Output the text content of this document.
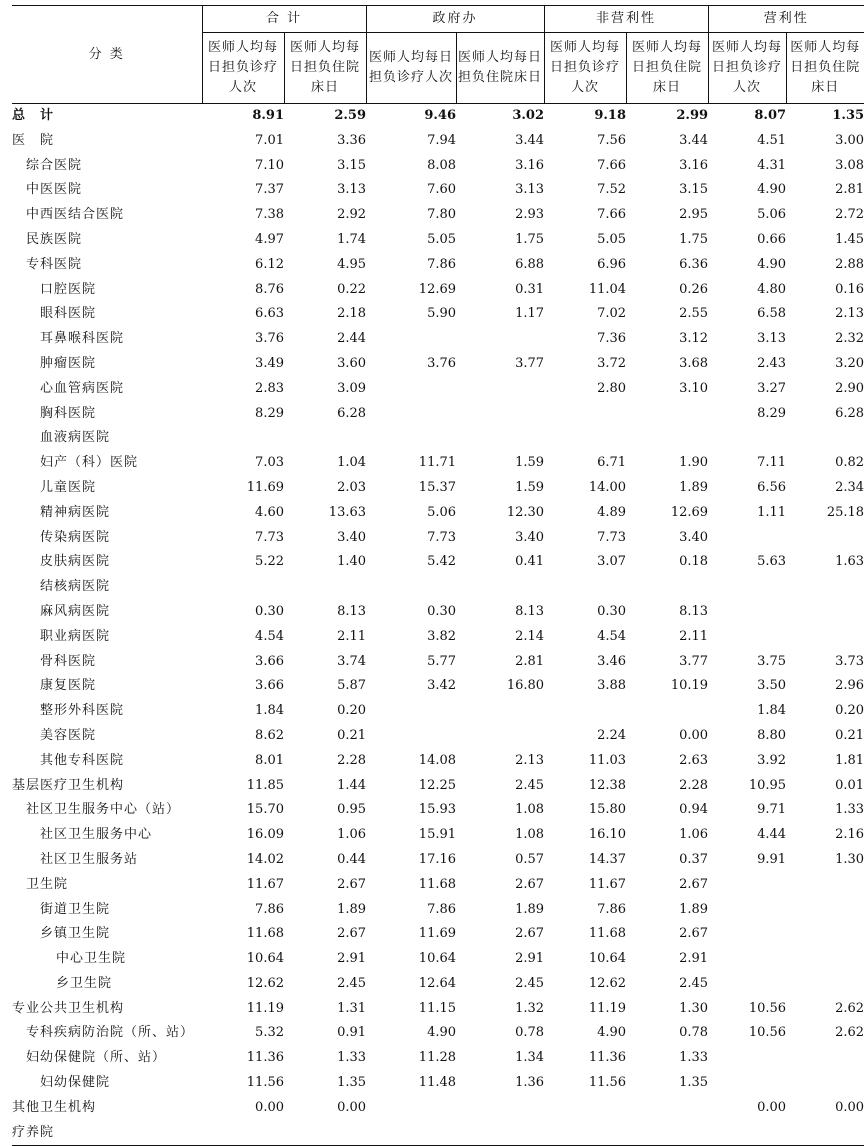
分 类	合 计		政府办		非营利性		营利性	
	医师人均每日担负诊疗人次	医师人均每日担负住院床日	医师人均每日担负诊疗人次	医师人均每日担负住院床日	医师人均每日担负诊疗人次	医师人均每日担负住院床日	医师人均每日担负诊疗人次	医师人均每日担负住院床日
总　计	8.91	2.59	9.46	3.02	9.18	2.99	8.07	1.35
医　院	7.01	3.36	7.94	3.44	7.56	3.44	4.51	3.00
综合医院	7.10	3.15	8.08	3.16	7.66	3.16	4.31	3.08
中医医院	7.37	3.13	7.60	3.13	7.52	3.15	4.90	2.81
中西医结合医院	7.38	2.92	7.80	2.93	7.66	2.95	5.06	2.72
民族医院	4.97	1.74	5.05	1.75	5.05	1.75	0.66	1.45
专科医院	6.12	4.95	7.86	6.88	6.96	6.36	4.90	2.88
口腔医院	8.76	0.22	12.69	0.31	11.04	0.26	4.80	0.16
眼科医院	6.63	2.18	5.90	1.17	7.02	2.55	6.58	2.13
耳鼻喉科医院	3.76	2.44			7.36	3.12	3.13	2.32
肿瘤医院	3.49	3.60	3.76	3.77	3.72	3.68	2.43	3.20
心血管病医院	2.83	3.09			2.80	3.10	3.27	2.90
胸科医院	8.29	6.28					8.29	6.28
血液病医院								
妇产（科）医院	7.03	1.04	11.71	1.59	6.71	1.90	7.11	0.82
儿童医院	11.69	2.03	15.37	1.59	14.00	1.89	6.56	2.34
精神病医院	4.60	13.63	5.06	12.30	4.89	12.69	1.11	25.18
传染病医院	7.73	3.40	7.73	3.40	7.73	3.40		
皮肤病医院	5.22	1.40	5.42	0.41	3.07	0.18	5.63	1.63
结核病医院								
麻风病医院	0.30	8.13	0.30	8.13	0.30	8.13		
职业病医院	4.54	2.11	3.82	2.14	4.54	2.11		
骨科医院	3.66	3.74	5.77	2.81	3.46	3.77	3.75	3.73
康复医院	3.66	5.87	3.42	16.80	3.88	10.19	3.50	2.96
整形外科医院	1.84	0.20					1.84	0.20
美容医院	8.62	0.21			2.24	0.00	8.80	0.21
其他专科医院	8.01	2.28	14.08	2.13	11.03	2.63	3.92	1.81
基层医疗卫生机构	11.85	1.44	12.25	2.45	12.38	2.28	10.95	0.01
社区卫生服务中心（站）	15.70	0.95	15.93	1.08	15.80	0.94	9.71	1.33
社区卫生服务中心	16.09	1.06	15.91	1.08	16.10	1.06	4.44	2.16
社区卫生服务站	14.02	0.44	17.16	0.57	14.37	0.37	9.91	1.30
卫生院	11.67	2.67	11.68	2.67	11.67	2.67		
街道卫生院	7.86	1.89	7.86	1.89	7.86	1.89		
乡镇卫生院	11.68	2.67	11.69	2.67	11.68	2.67		
中心卫生院	10.64	2.91	10.64	2.91	10.64	2.91		
乡卫生院	12.62	2.45	12.64	2.45	12.62	2.45		
专业公共卫生机构	11.19	1.31	11.15	1.32	11.19	1.30	10.56	2.62
专科疾病防治院（所、站）	5.32	0.91	4.90	0.78	4.90	0.78	10.56	2.62
妇幼保健院（所、站）	11.36	1.33	11.28	1.34	11.36	1.33		
妇幼保健院	11.56	1.35	11.48	1.36	11.56	1.35		
其他卫生机构	0.00	0.00					0.00	0.00
疗养院								
